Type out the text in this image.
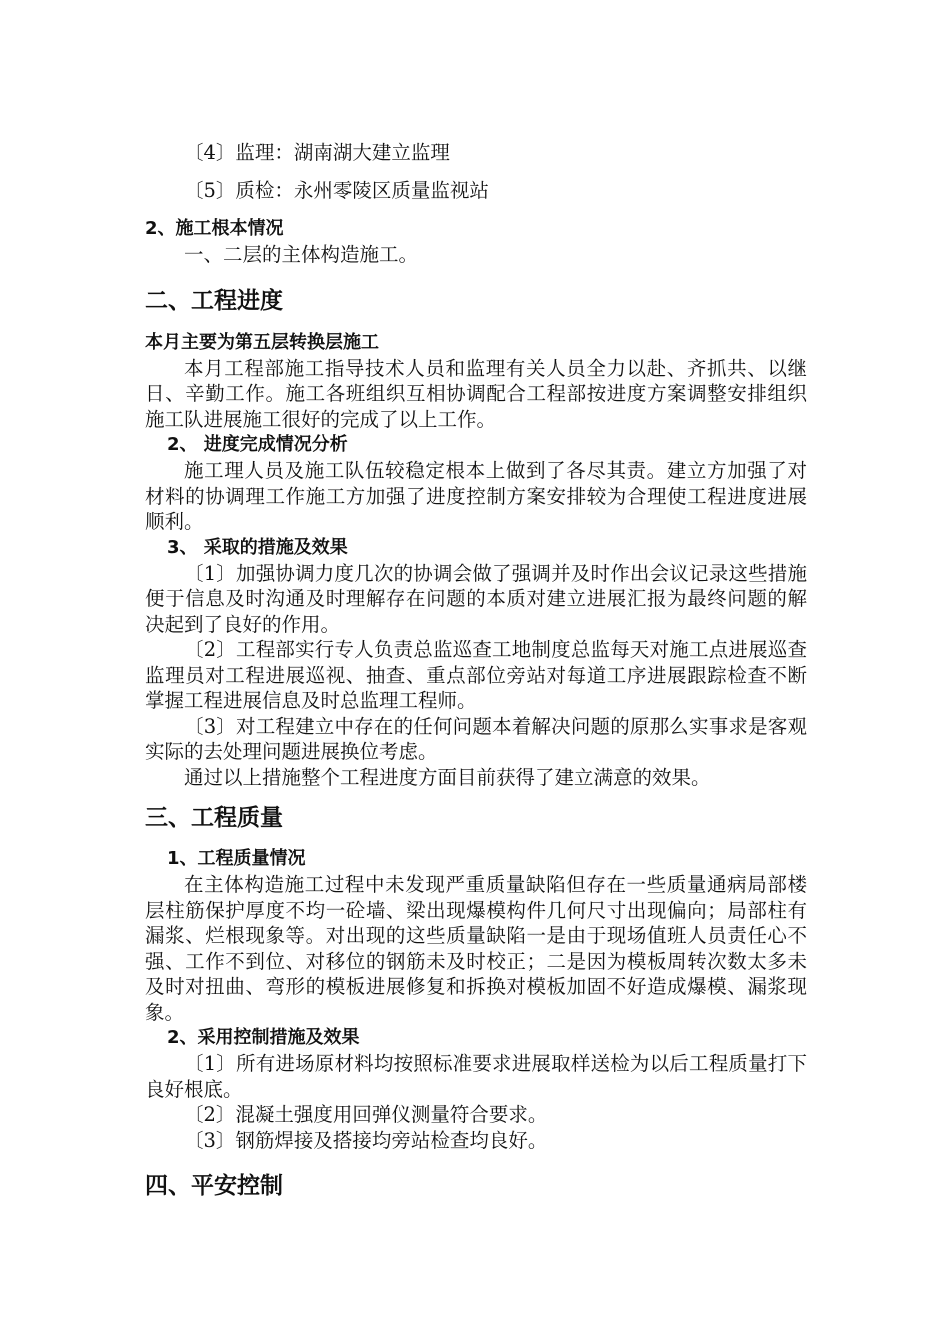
〔4〕监理：湖南湖大建立监理

〔5〕质检：永州零陵区质量监视站

2、施工根本情况

一、二层的主体构造施工。

二、工程进度

本月主要为第五层转换层施工

本月工程部施工指导技术人员和监理有关人员全力以赴、齐抓共、以继日、辛勤工作。施工各班组织互相协调配合工程部按进度方案调整安排组织施工队进展施工很好的完成了以上工作。

2、 进度完成情况分析

施工理人员及施工队伍较稳定根本上做到了各尽其责。建立方加强了对材料的协调理工作施工方加强了进度控制方案安排较为合理使工程进度进展顺利。

3、 采取的措施及效果

〔1〕加强协调力度几次的协调会做了强调并及时作出会议记录这些措施便于信息及时沟通及时理解存在问题的本质对建立进展汇报为最终问题的解决起到了良好的作用。

〔2〕工程部实行专人负责总监巡查工地制度总监每天对施工点进展巡查监理员对工程进展巡视、抽查、重点部位旁站对每道工序进展跟踪检查不断掌握工程进展信息及时总监理工程师。

〔3〕对工程建立中存在的任何问题本着解决问题的原那么实事求是客观实际的去处理问题进展换位考虑。

通过以上措施整个工程进度方面目前获得了建立满意的效果。

三、工程质量

1、工程质量情况

在主体构造施工过程中未发现严重质量缺陷但存在一些质量通病局部楼层柱筋保护厚度不均一砼墙、梁出现爆模构件几何尺寸出现偏向；局部柱有漏浆、烂根现象等。对出现的这些质量缺陷一是由于现场值班人员责任心不强、工作不到位、对移位的钢筋未及时校正；二是因为模板周转次数太多未及时对扭曲、弯形的模板进展修复和拆换对模板加固不好造成爆模、漏浆现象。

2、采用控制措施及效果

〔1〕所有进场原材料均按照标准要求进展取样送检为以后工程质量打下良好根底。

〔2〕混凝土强度用回弹仪测量符合要求。

〔3〕钢筋焊接及搭接均旁站检查均良好。

四、平安控制
